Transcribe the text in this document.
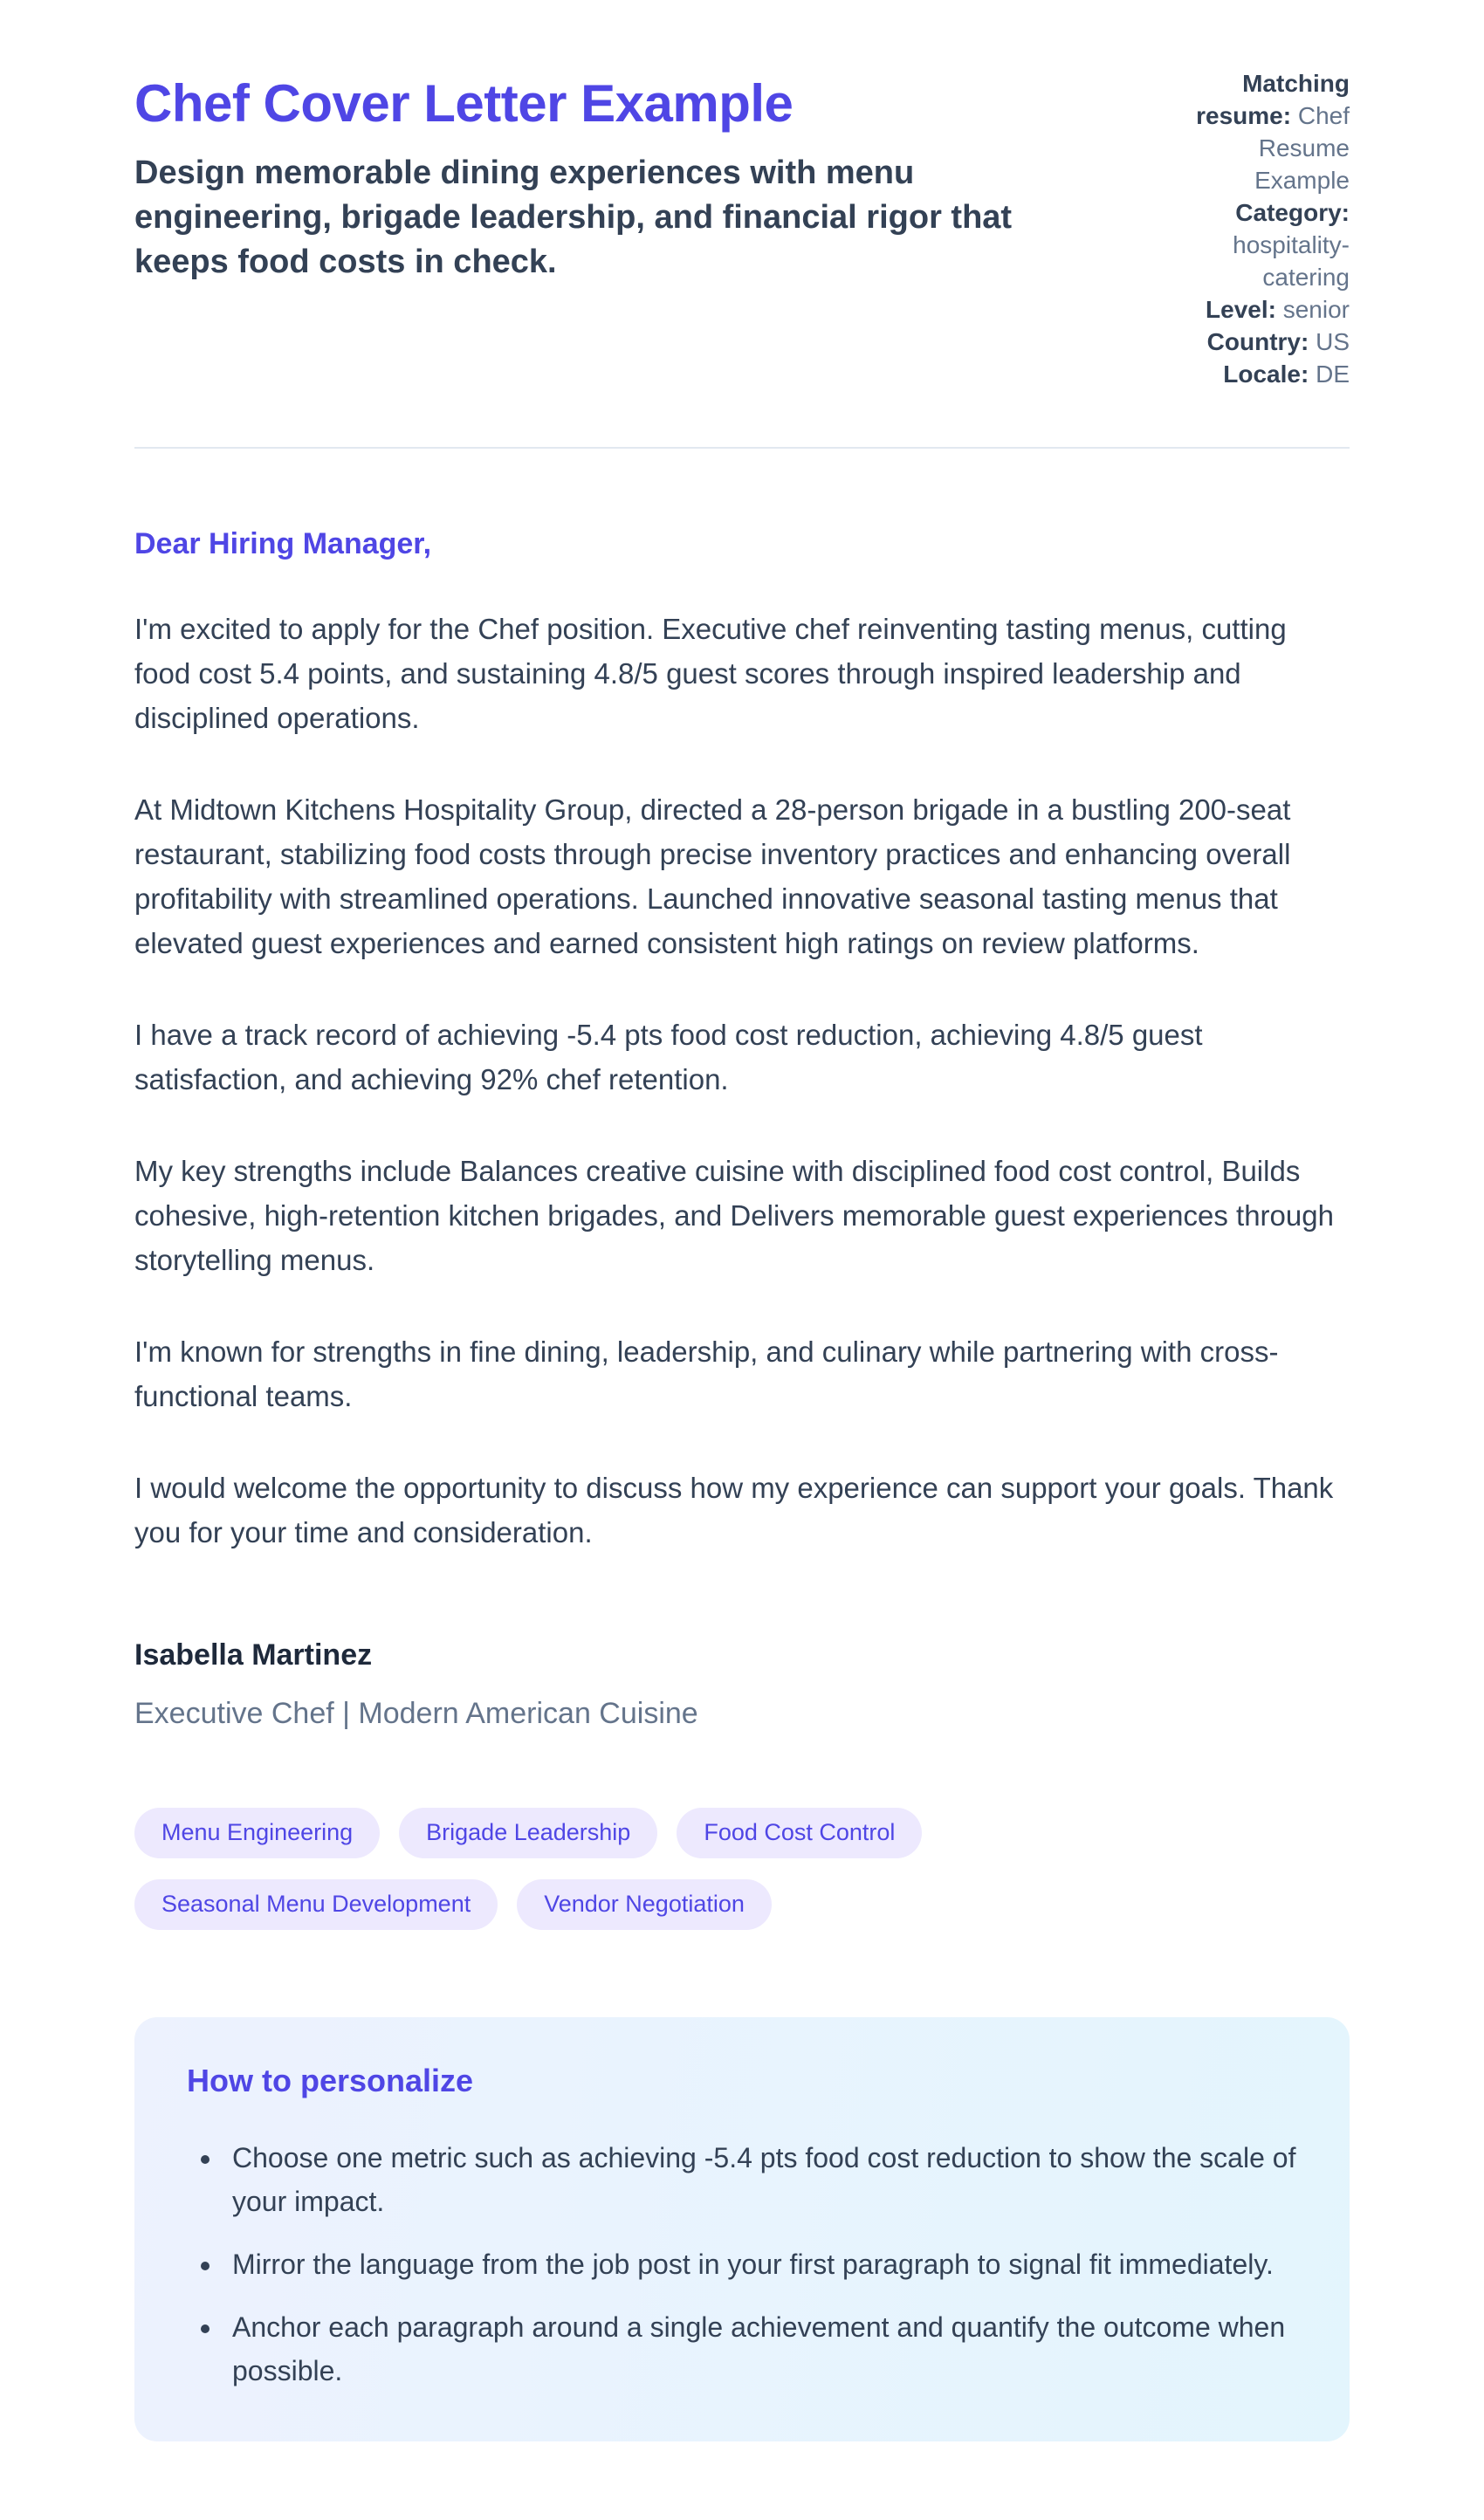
Chef Cover Letter Example

Design memorable dining experiences with menu engineering, brigade leadership, and financial rigor that keeps food costs in check.

Matching resume: Chef Resume Example

Category: hospitality-catering

Level: senior

Country: US

Locale: DE

Dear Hiring Manager,

I'm excited to apply for the Chef position. Executive chef reinventing tasting menus, cutting food cost 5.4 points, and sustaining 4.8/5 guest scores through inspired leadership and disciplined operations.

At Midtown Kitchens Hospitality Group, directed a 28-person brigade in a bustling 200-seat restaurant, stabilizing food costs through precise inventory practices and enhancing overall profitability with streamlined operations. Launched innovative seasonal tasting menus that elevated guest experiences and earned consistent high ratings on review platforms.

I have a track record of achieving -5.4 pts food cost reduction, achieving 4.8/5 guest satisfaction, and achieving 92% chef retention.

My key strengths include Balances creative cuisine with disciplined food cost control, Builds cohesive, high-retention kitchen brigades, and Delivers memorable guest experiences through storytelling menus.

I'm known for strengths in fine dining, leadership, and culinary while partnering with cross-functional teams.

I would welcome the opportunity to discuss how my experience can support your goals. Thank you for your time and consideration.

Isabella Martinez

Executive Chef | Modern American Cuisine

Menu Engineering	Brigade Leadership	Food Cost Control
Seasonal Menu Development	Vendor Negotiation
How to personalize
• Choose one metric such as achieving -5.4 pts food cost reduction to show the scale of your impact.
• Mirror the language from the job post in your first paragraph to signal fit immediately.
• Anchor each paragraph around a single achievement and quantify the outcome when possible.
